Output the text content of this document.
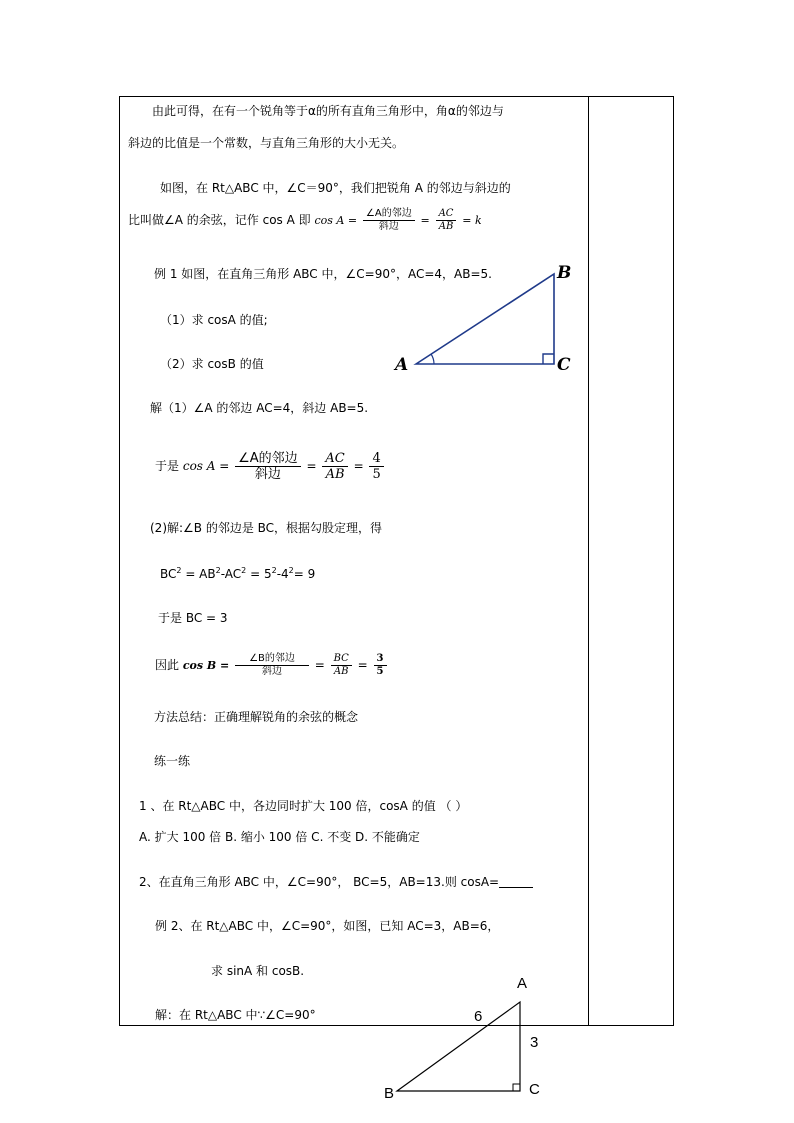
由此可得，在有一个锐角等于α的所有直角三角形中，角α的邻边与
斜边的比值是一个常数，与直角三角形的大小无关。
如图，在 Rt△ABC 中，∠C＝90°，我们把锐角 A 的邻边与斜边的
比叫做∠A 的余弦，记作 cos A 即 $\cos A = \frac{\text{∠A的邻边}}{\text{斜边}} = \frac{AC}{AB} = k$
例 1 如图，在直角三角形 ABC 中，∠C=90°，AC=4，AB=5.
（1）求 cosA 的值;
（2）求 cosB 的值	A
B
C
解（1）∠A 的邻边 AC=4，斜边 AB=5.
于是 $\cos A = \frac{\text{∠A的邻边}}{\text{斜边}} = \frac{AC}{AB} = \frac{4}{5}$
(2)解:∠B 的邻边是 BC，根据勾股定理，得
$BC^2 = AB^2-AC^2 = 5^2-4^2= 9$
于是 BC = 3
因此 $\cos B = \frac{\text{∠B的邻边}}{\text{斜边}} = \frac{BC}{AB} = \frac{3}{5}$
方法总结：正确理解锐角的余弦的概念
练一练
1 、在 Rt△ABC 中，各边同时扩大 100 倍，cosA 的值 （ ）
A. 扩大 100 倍 B. 缩小 100 倍 C. 不变 D. 不能确定
2、在直角三角形 ABC 中，∠C=90°， BC=5，AB=13.则 cosA=
例 2、在 Rt△ABC 中，∠C=90°，如图，已知 AC=3，AB=6，
求 sinA 和 cosB.
解：在 Rt△ABC 中∵∠C=90°
A
B	C
6
3
